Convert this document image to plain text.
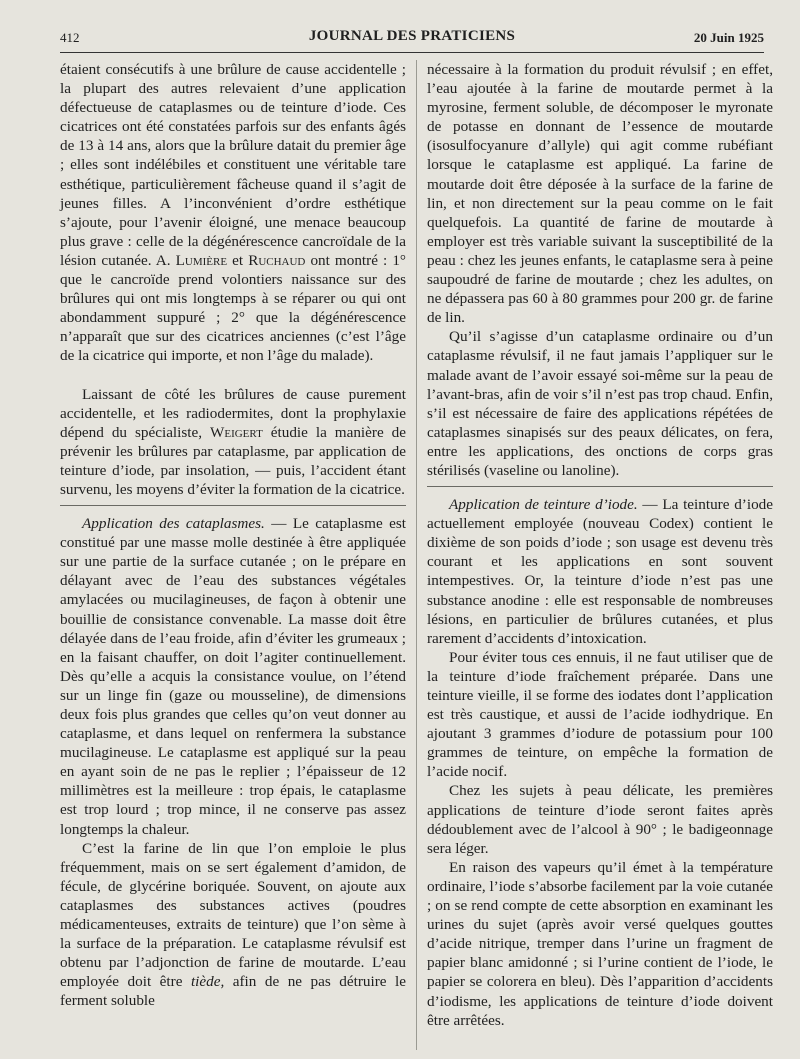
412	JOURNAL DES PRATICIENS	20 Juin 1925

étaient consécutifs à une brûlure de cause accidentelle ; la plupart des autres relevaient d’une application défectueuse de cataplasmes ou de teinture d’iode. Ces cicatrices ont été constatées parfois sur des enfants âgés de 13 à 14 ans, alors que la brûlure datait du premier âge ; elles sont indélébiles et constituent une véritable tare esthétique, particulièrement fâcheuse quand il s’agit de jeunes filles. A l’inconvénient d’ordre esthétique s’ajoute, pour l’avenir éloigné, une menace beaucoup plus grave : celle de la dégénérescence cancroïdale de la lésion cutanée. A. Lumière et Ruchaud ont montré : 1° que le cancroïde prend volontiers naissance sur des brûlures qui ont mis longtemps à se réparer ou qui ont abondamment suppuré ; 2° que la dégénérescence n’apparaît que sur des cicatrices anciennes (c’est l’âge de la cicatrice qui importe, et non l’âge du malade).

Laissant de côté les brûlures de cause purement accidentelle, et les radiodermites, dont la prophylaxie dépend du spécialiste, Weigert étudie la manière de prévenir les brûlures par cataplasme, par application de teinture d’iode, par insolation, — puis, l’accident étant survenu, les moyens d’éviter la formation de la cicatrice.

Application des cataplasmes. — Le cataplasme est constitué par une masse molle destinée à être appliquée sur une partie de la surface cutanée ; on le prépare en délayant avec de l’eau des substances végétales amylacées ou mucilagineuses, de façon à obtenir une bouillie de consistance convenable. La masse doit être délayée dans de l’eau froide, afin d’éviter les grumeaux ; en la faisant chauffer, on doit l’agiter continuellement. Dès qu’elle a acquis la consistance voulue, on l’étend sur un linge fin (gaze ou mousseline), de dimensions deux fois plus grandes que celles qu’on veut donner au cataplasme, et dans lequel on renfermera la substance mucilagineuse. Le cataplasme est appliqué sur la peau en ayant soin de ne pas le replier ; l’épaisseur de 12 millimètres est la meilleure : trop épais, le cataplasme est trop lourd ; trop mince, il ne conserve pas assez longtemps la chaleur.

C’est la farine de lin que l’on emploie le plus fréquemment, mais on se sert également d’amidon, de fécule, de glycérine boriquée. Souvent, on ajoute aux cataplasmes des substances actives (poudres médicamenteuses, extraits de teinture) que l’on sème à la surface de la préparation. Le cataplasme révulsif est obtenu par l’adjonction de farine de moutarde. L’eau employée doit être tiède, afin de ne pas détruire le ferment soluble

nécessaire à la formation du produit révulsif ; en effet, l’eau ajoutée à la farine de moutarde permet à la myrosine, ferment soluble, de décomposer le myronate de potasse en donnant de l’essence de moutarde (isosulfocyanure d’allyle) qui agit comme rubéfiant lorsque le cataplasme est appliqué. La farine de moutarde doit être déposée à la surface de la farine de lin, et non directement sur la peau comme on le fait quelquefois. La quantité de farine de moutarde à employer est très variable suivant la susceptibilité de la peau : chez les jeunes enfants, le cataplasme sera à peine saupoudré de farine de moutarde ; chez les adultes, on ne dépassera pas 60 à 80 grammes pour 200 gr. de farine de lin.

Qu’il s’agisse d’un cataplasme ordinaire ou d’un cataplasme révulsif, il ne faut jamais l’appliquer sur le malade avant de l’avoir essayé soi-même sur la peau de l’avant-bras, afin de voir s’il n’est pas trop chaud. Enfin, s’il est nécessaire de faire des applications répétées de cataplasmes sinapisés sur des peaux délicates, on fera, entre les applications, des onctions de corps gras stérilisés (vaseline ou lanoline).

Application de teinture d’iode. — La teinture d’iode actuellement employée (nouveau Codex) contient le dixième de son poids d’iode ; son usage est devenu très courant et les applications en sont souvent intempestives. Or, la teinture d’iode n’est pas une substance anodine : elle est responsable de nombreuses lésions, en particulier de brûlures cutanées, et plus rarement d’accidents d’intoxication.

Pour éviter tous ces ennuis, il ne faut utiliser que de la teinture d’iode fraîchement préparée. Dans une teinture vieille, il se forme des iodates dont l’application est très caustique, et aussi de l’acide iodhydrique. En ajoutant 3 grammes d’iodure de potassium pour 100 grammes de teinture, on empêche la formation de l’acide nocif.

Chez les sujets à peau délicate, les premières applications de teinture d’iode seront faites après dédoublement avec de l’alcool à 90° ; le badigeonnage sera léger.

En raison des vapeurs qu’il émet à la température ordinaire, l’iode s’absorbe facilement par la voie cutanée ; on se rend compte de cette absorption en examinant les urines du sujet (après avoir versé quelques gouttes d’acide nitrique, tremper dans l’urine un fragment de papier blanc amidonné ; si l’urine contient de l’iode, le papier se colorera en bleu). Dès l’apparition d’accidents d’iodisme, les applications de teinture d’iode doivent être arrêtées.
